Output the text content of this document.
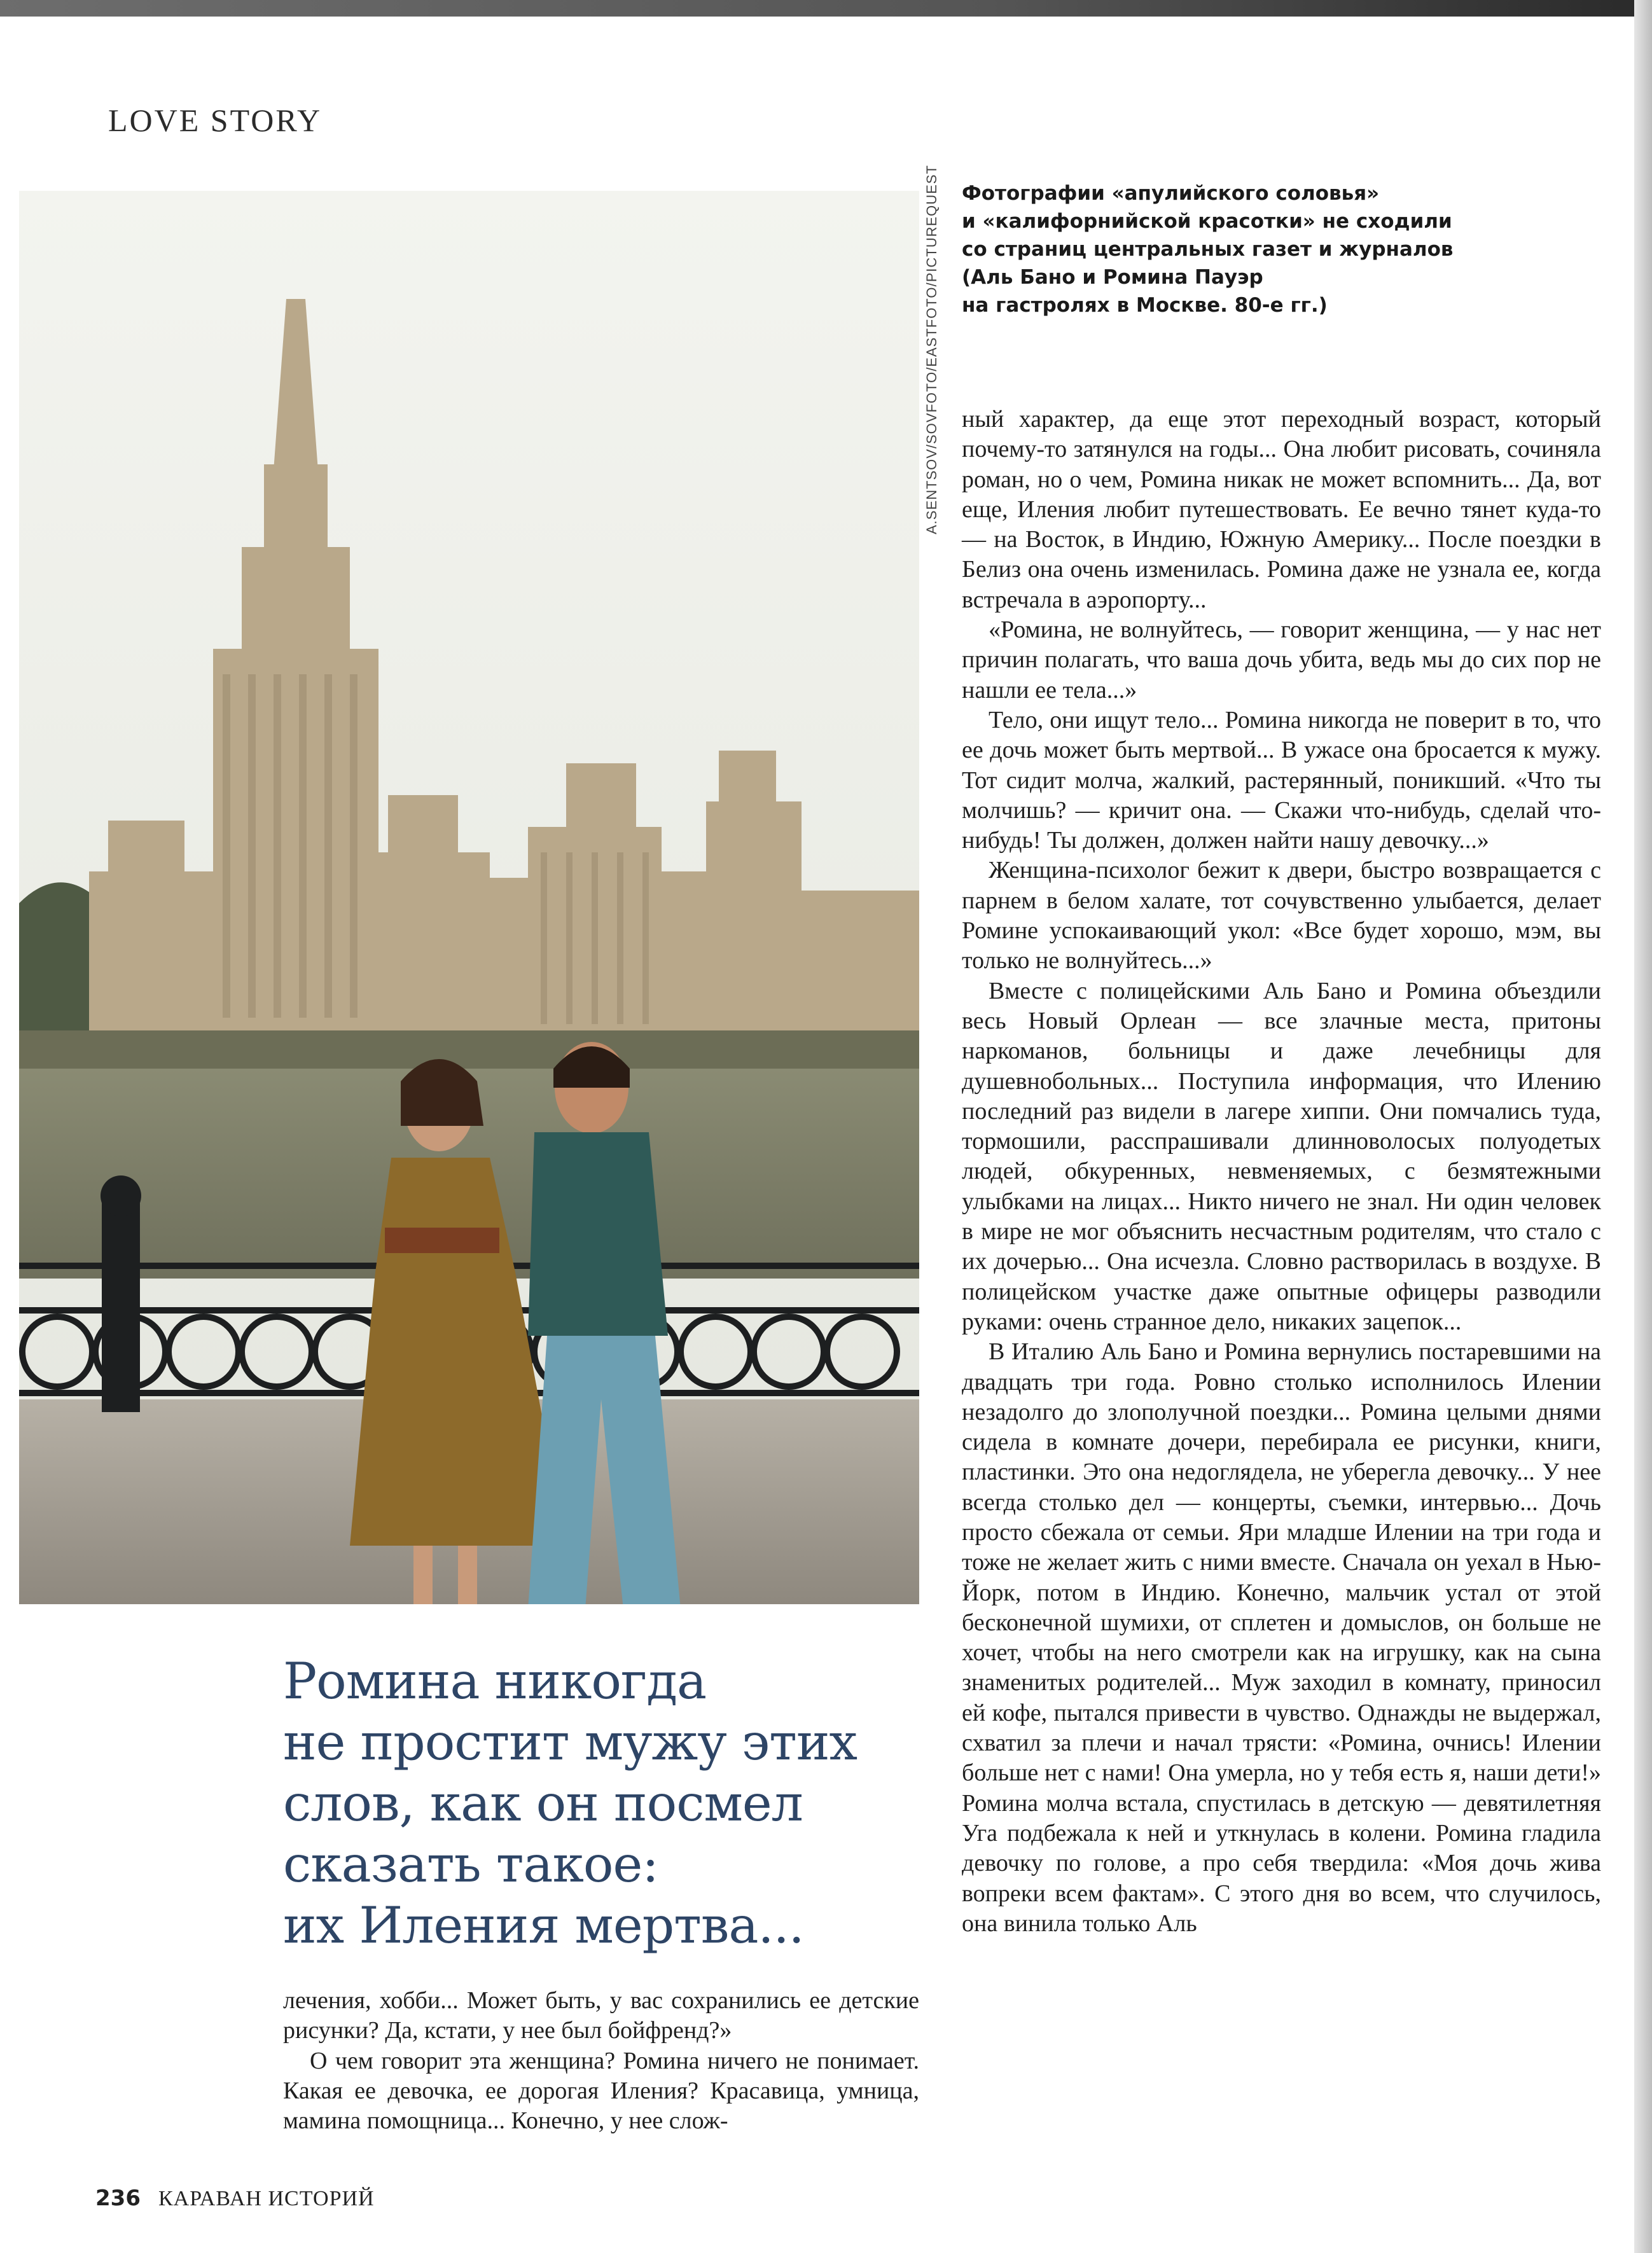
LOVE STORY
A.SENTSOV/SOVFOTO/EASTFOTO/PICTUREQUEST Фотографии «апулийского соловья»
и «калифорнийской красотки» не сходили
со страниц центральных газет и журналов
(Аль Бано и Ромина Пауэр
на гастролях в Москве. 80-е гг.)

ный характер, да еще этот переходный возраст, который почему-то затянулся на годы... Она любит рисовать, сочиняла роман, но о чем, Ромина никак не может вспомнить... Да, вот еще, Иления любит путешествовать. Ее вечно тянет куда-то — на Восток, в Индию, Южную Америку... После поездки в Белиз она очень изменилась. Ромина даже не узнала ее, когда встречала в аэропорту...

«Ромина, не волнуйтесь, — говорит женщина, — у нас нет причин полагать, что ваша дочь убита, ведь мы до сих пор не нашли ее тела...»

Тело, они ищут тело... Ромина никогда не поверит в то, что ее дочь может быть мертвой... В ужасе она бросается к мужу. Тот сидит молча, жалкий, растерянный, поникший. «Что ты молчишь? — кричит она. — Скажи что-нибудь, сделай что-нибудь! Ты должен, должен найти нашу девочку...»

Женщина-психолог бежит к двери, быстро возвращается с парнем в белом халате, тот сочувственно улыбается, делает Ромине успокаивающий укол: «Все будет хорошо, мэм, вы только не волнуйтесь...»

Вместе с полицейскими Аль Бано и Ромина объездили весь Новый Орлеан — все злачные места, притоны наркоманов, больницы и даже лечебницы для душевнобольных... Поступила информация, что Илению последний раз видели в лагере хиппи. Они помчались туда, тормошили, расспрашивали длинноволосых полуодетых людей, обкуренных, невменяемых, с безмятежными улыбками на лицах... Никто ничего не знал. Ни один человек в мире не мог объяснить несчастным родителям, что стало с их дочерью... Она исчезла. Словно растворилась в воздухе. В полицейском участке даже опытные офицеры разводили руками: очень странное дело, никаких зацепок...

В Италию Аль Бано и Ромина вернулись постаревшими на двадцать три года. Ровно столько исполнилось Илении незадолго до злополучной поездки... Ромина целыми днями сидела в комнате дочери, перебирала ее рисунки, книги, пластинки. Это она недоглядела, не уберегла девочку... У нее всегда столько дел — концерты, съемки, интервью... Дочь просто сбежала от семьи. Яри младше Илении на три года и тоже не желает жить с ними вместе. Сначала он уехал в Нью-Йорк, потом в Индию. Конечно, мальчик устал от этой бесконечной шумихи, от сплетен и домыслов, он больше не хочет, чтобы на него смотрели как на игрушку, как на сына знаменитых родителей... Муж заходил в комнату, приносил ей кофе, пытался привести в чувство. Однажды не выдержал, схватил за плечи и начал трясти: «Ромина, очнись! Илении больше нет с нами! Она умерла, но у тебя есть я, наши дети!» Ромина молча встала, спустилась в детскую — девятилетняя Уга подбежала к ней и уткнулась в колени. Ромина гладила девочку по голове, а про себя твердила: «Моя дочь жива вопреки всем фактам». С этого дня во всем, что случилось, она винила только Аль

Ромина никогда
не простит мужу этих
слов, как он посмел
сказать такое:
их Иления мертва...

лечения, хобби... Может быть, у вас сохранились ее детские рисунки? Да, кстати, у нее был бойфренд?»

О чем говорит эта женщина? Ромина ничего не понимает. Какая ее девочка, ее дорогая Иления? Красавица, умница, мамина помощница... Конечно, у нее слож-

236 КАРАВАН ИСТОРИЙ
